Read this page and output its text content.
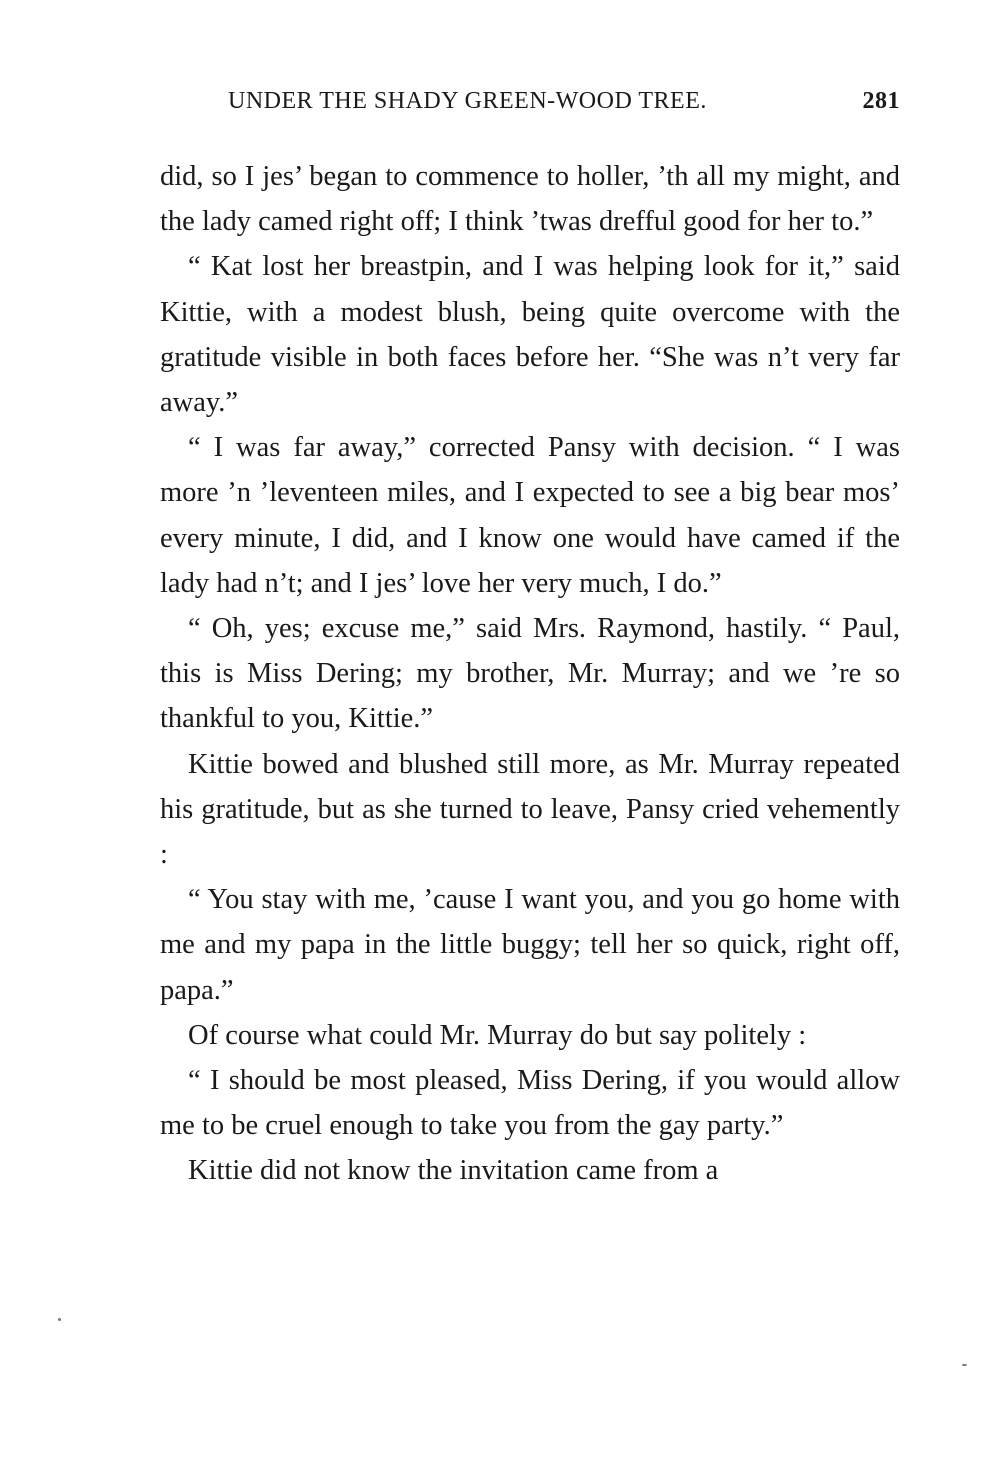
UNDER THE SHADY GREEN-WOOD TREE.	281

did, so I jes’ began to commence to holler, ’th all my might, and the lady camed right off; I think ’twas drefful good for her to.”

“ Kat lost her breastpin, and I was helping look for it,” said Kittie, with a modest blush, being quite overcome with the gratitude visible in both faces before her. “She was n’t very far away.”

“ I was far away,” corrected Pansy with decision. “ I was more ’n ’leventeen miles, and I expected to see a big bear mos’ every minute, I did, and I know one would have camed if the lady had n’t; and I jes’ love her very much, I do.”

“ Oh, yes; excuse me,” said Mrs. Raymond, hastily. “ Paul, this is Miss Dering; my brother, Mr. Murray; and we ’re so thankful to you, Kittie.”

Kittie bowed and blushed still more, as Mr. Murray repeated his gratitude, but as she turned to leave, Pansy cried vehemently :

“ You stay with me, ’cause I want you, and you go home with me and my papa in the little buggy; tell her so quick, right off, papa.”

Of course what could Mr. Murray do but say politely :

“ I should be most pleased, Miss Dering, if you would allow me to be cruel enough to take you from the gay party.”

Kittie did not know the invitation came from a
